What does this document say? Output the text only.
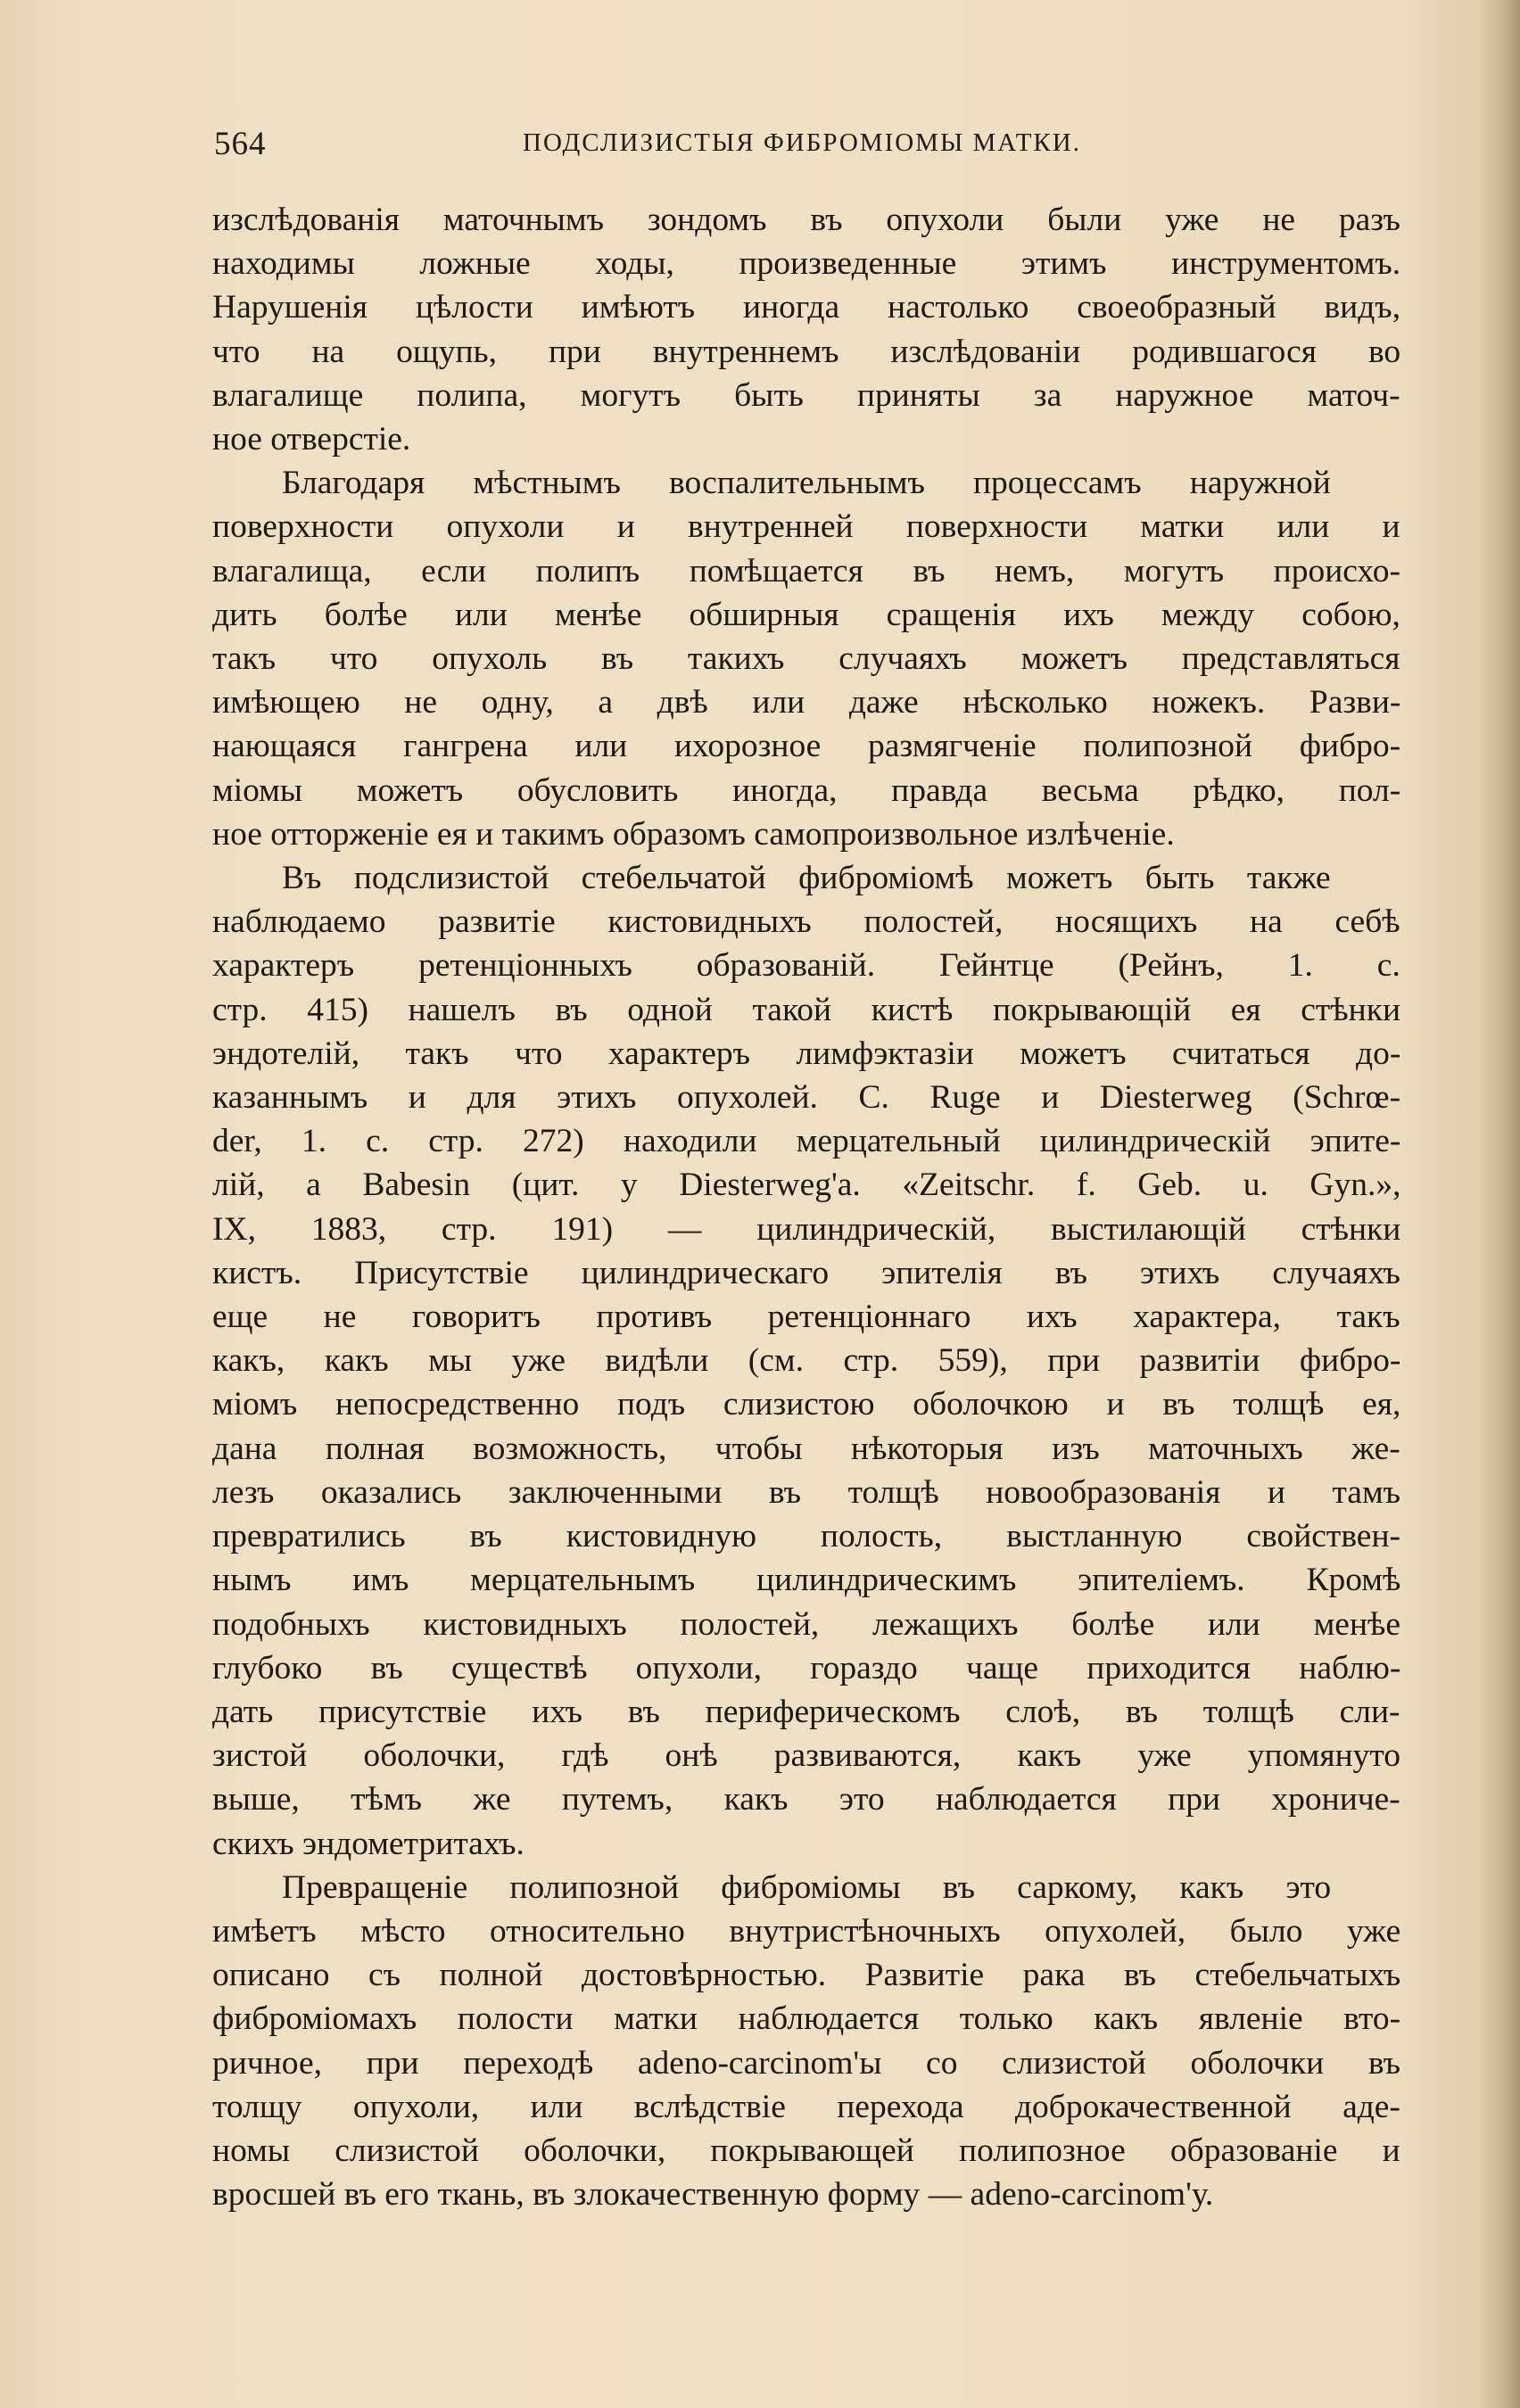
564	ПОДСЛИЗИСТЫЯ ФИБРОМІОМЫ МАТКИ.

изслѣдованія маточнымъ зондомъ въ опухоли были уже не разъ
находимы ложные ходы, произведенные этимъ инструментомъ.
Нарушенія цѣлости имѣютъ иногда настолько своеобразный видъ,
что на ощупь, при внутреннемъ изслѣдованіи родившагося во
влагалище полипа, могутъ быть приняты за наружное маточ-
ное отверстіе.

Благодаря мѣстнымъ воспалительнымъ процессамъ наружной
поверхности опухоли и внутренней поверхности матки или и
влагалища, если полипъ помѣщается въ немъ, могутъ происхо-
дить болѣе или менѣе обширныя сращенія ихъ между собою,
такъ что опухоль въ такихъ случаяхъ можетъ представляться
имѣющею не одну, а двѣ или даже нѣсколько ножекъ. Разви-
нающаяся гангрена или ихорозное размягченіе полипозной фибро-
міомы можетъ обусловить иногда, правда весьма рѣдко, пол-
ное отторженіе ея и такимъ образомъ самопроизвольное излѣченіе.

Въ подслизистой стебельчатой фиброміомѣ можетъ быть также
наблюдаемо развитіе кистовидныхъ полостей, носящихъ на себѣ
характеръ ретенціонныхъ образованій. Гейнтце (Рейнъ, 1. с.
стр. 415) нашелъ въ одной такой кистѣ покрывающій ея стѣнки
эндотелій, такъ что характеръ лимфэктазіи можетъ считаться до-
казаннымъ и для этихъ опухолей. C. Ruge и Diesterweg (Schrœ-
der, 1. c. стр. 272) находили мерцательный цилиндрическій эпите-
лій, а Babesin (цит. у Diesterweg'a. «Zeitschr. f. Geb. u. Gyn.»,
IX, 1883, стр. 191) — цилиндрическій, выстилающій стѣнки
кистъ. Присутствіе цилиндрическаго эпителія въ этихъ случаяхъ
еще не говоритъ противъ ретенціоннаго ихъ характера, такъ
какъ, какъ мы уже видѣли (см. стр. 559), при развитіи фибро-
міомъ непосредственно подъ слизистою оболочкою и въ толщѣ ея,
дана полная возможность, чтобы нѣкоторыя изъ маточныхъ же-
лезъ оказались заключенными въ толщѣ новообразованія и тамъ
превратились въ кистовидную полость, выстланную свойствен-
нымъ имъ мерцательнымъ цилиндрическимъ эпителіемъ. Кромѣ
подобныхъ кистовидныхъ полостей, лежащихъ болѣе или менѣе
глубоко въ существѣ опухоли, гораздо чаще приходится наблю-
дать присутствіе ихъ въ периферическомъ слоѣ, въ толщѣ сли-
зистой оболочки, гдѣ онѣ развиваются, какъ уже упомянуто
выше, тѣмъ же путемъ, какъ это наблюдается при хрониче-
скихъ эндометритахъ.

Превращеніе полипозной фиброміомы въ саркому, какъ это
имѣетъ мѣсто относительно внутристѣночныхъ опухолей, было уже
описано съ полной достовѣрностью. Развитіе рака въ стебельчатыхъ
фиброміомахъ полости матки наблюдается только какъ явленіе вто-
ричное, при переходѣ adeno-carcinom'ы со слизистой оболочки въ
толщу опухоли, или вслѣдствіе перехода доброкачественной аде-
номы слизистой оболочки, покрывающей полипозное образованіе и
вросшей въ его ткань, въ злокачественную форму — adeno-carcinom'у.
